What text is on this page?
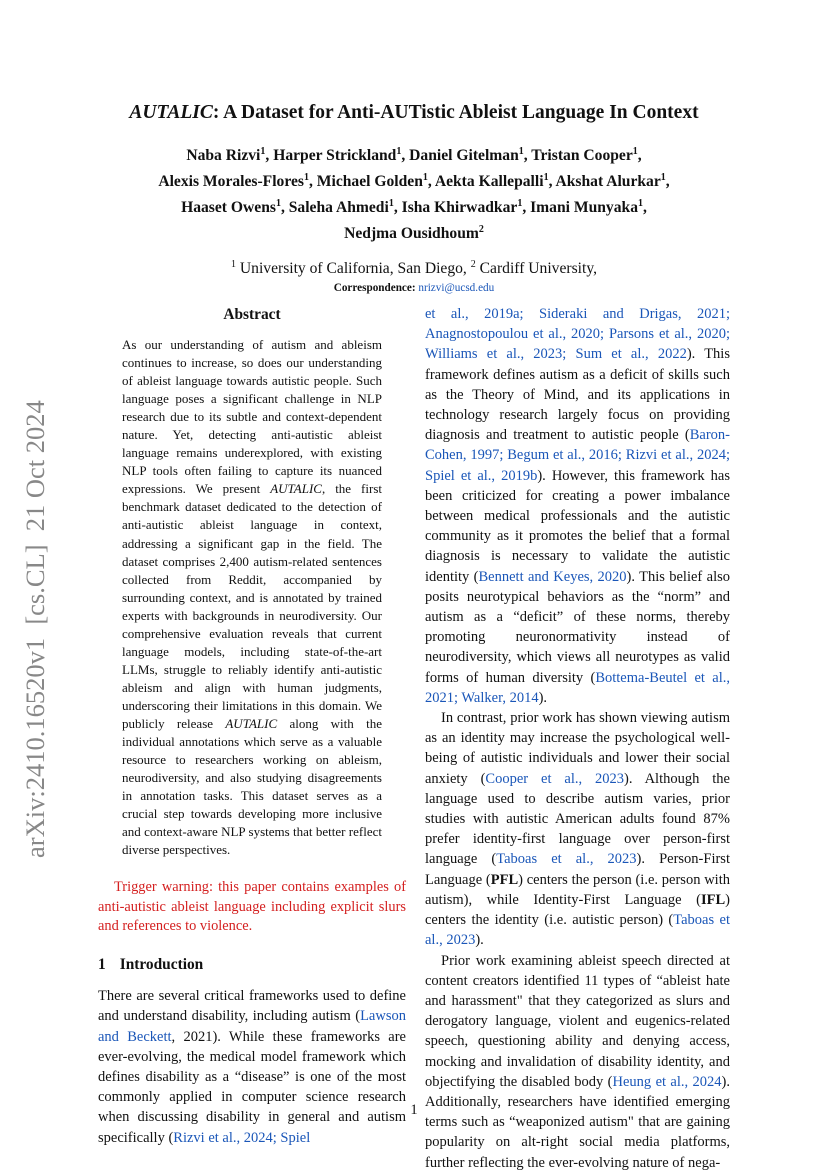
arXiv:2410.16520v1  [cs.CL]  21 Oct 2024
AUTALIC: A Dataset for Anti-AUTistic Ableist Language In Context
Naba Rizvi$^1$, Harper Strickland$^1$, Daniel Gitelman$^1$, Tristan Cooper$^1$,
Alexis Morales-Flores$^1$, Michael Golden$^1$, Aekta Kallepalli$^1$, Akshat Alurkar$^1$,
Haaset Owens$^1$, Saleha Ahmedi$^1$, Isha Khirwadkar$^1$, Imani Munyaka$^1$,
Nedjma Ousidhoum$^2$
$^1$ University of California, San Diego, $^2$ Cardiff University,
Correspondence: nrizvi@ucsd.edu
Abstract

As our understanding of autism and ableism continues to increase, so does our understanding of ableist language towards autistic people. Such language poses a significant challenge in NLP research due to its subtle and context-dependent nature. Yet, detecting anti-autistic ableist language remains underexplored, with existing NLP tools often failing to capture its nuanced expressions. We present AUTALIC, the first benchmark dataset dedicated to the detection of anti-autistic ableist language in context, addressing a significant gap in the field. The dataset comprises 2,400 autism-related sentences collected from Reddit, accompanied by surrounding context, and is annotated by trained experts with backgrounds in neurodiversity. Our comprehensive evaluation reveals that current language models, including state-of-the-art LLMs, struggle to reliably identify anti-autistic ableism and align with human judgments, underscoring their limitations in this domain. We publicly release AUTALIC along with the individual annotations which serve as a valuable resource to researchers working on ableism, neurodiversity, and also studying disagreements in annotation tasks. This dataset serves as a crucial step towards developing more inclusive and context-aware NLP systems that better reflect diverse perspectives.

Trigger warning: this paper contains examples of anti-autistic ableist language including explicit slurs and references to violence.

1 Introduction

There are several critical frameworks used to define and understand disability, including autism (Lawson and Beckett, 2021). While these frameworks are ever-evolving, the medical model framework which defines disability as a “disease” is one of the most commonly applied in computer science research when discussing disability in general and autism specifically (Rizvi et al., 2024; Spiel

et al., 2019a; Sideraki and Drigas, 2021; Anagnostopoulou et al., 2020; Parsons et al., 2020; Williams et al., 2023; Sum et al., 2022). This framework defines autism as a deficit of skills such as the Theory of Mind, and its applications in technology research largely focus on providing diagnosis and treatment to autistic people (Baron-Cohen, 1997; Begum et al., 2016; Rizvi et al., 2024; Spiel et al., 2019b). However, this framework has been criticized for creating a power imbalance between medical professionals and the autistic community as it promotes the belief that a formal diagnosis is necessary to validate the autistic identity (Bennett and Keyes, 2020). This belief also posits neurotypical behaviors as the “norm” and autism as a “deficit” of these norms, thereby promoting neuronormativity instead of neurodiversity, which views all neurotypes as valid forms of human diversity (Bottema-Beutel et al., 2021; Walker, 2014).

In contrast, prior work has shown viewing autism as an identity may increase the psychological well-being of autistic individuals and lower their social anxiety (Cooper et al., 2023). Although the language used to describe autism varies, prior studies with autistic American adults found 87% prefer identity-first language over person-first language (Taboas et al., 2023). Person-First Language (PFL) centers the person (i.e. person with autism), while Identity-First Language (IFL) centers the identity (i.e. autistic person) (Taboas et al., 2023).

Prior work examining ableist speech directed at content creators identified 11 types of “ableist hate and harassment" that they categorized as slurs and derogatory language, violent and eugenics-related speech, questioning ability and denying access, mocking and invalidation of disability identity, and objectifying the disabled body (Heung et al., 2024). Additionally, researchers have identified emerging terms such as “weaponized autism" that are gaining popularity on alt-right social media platforms, further reflecting the ever-evolving nature of nega-

1
